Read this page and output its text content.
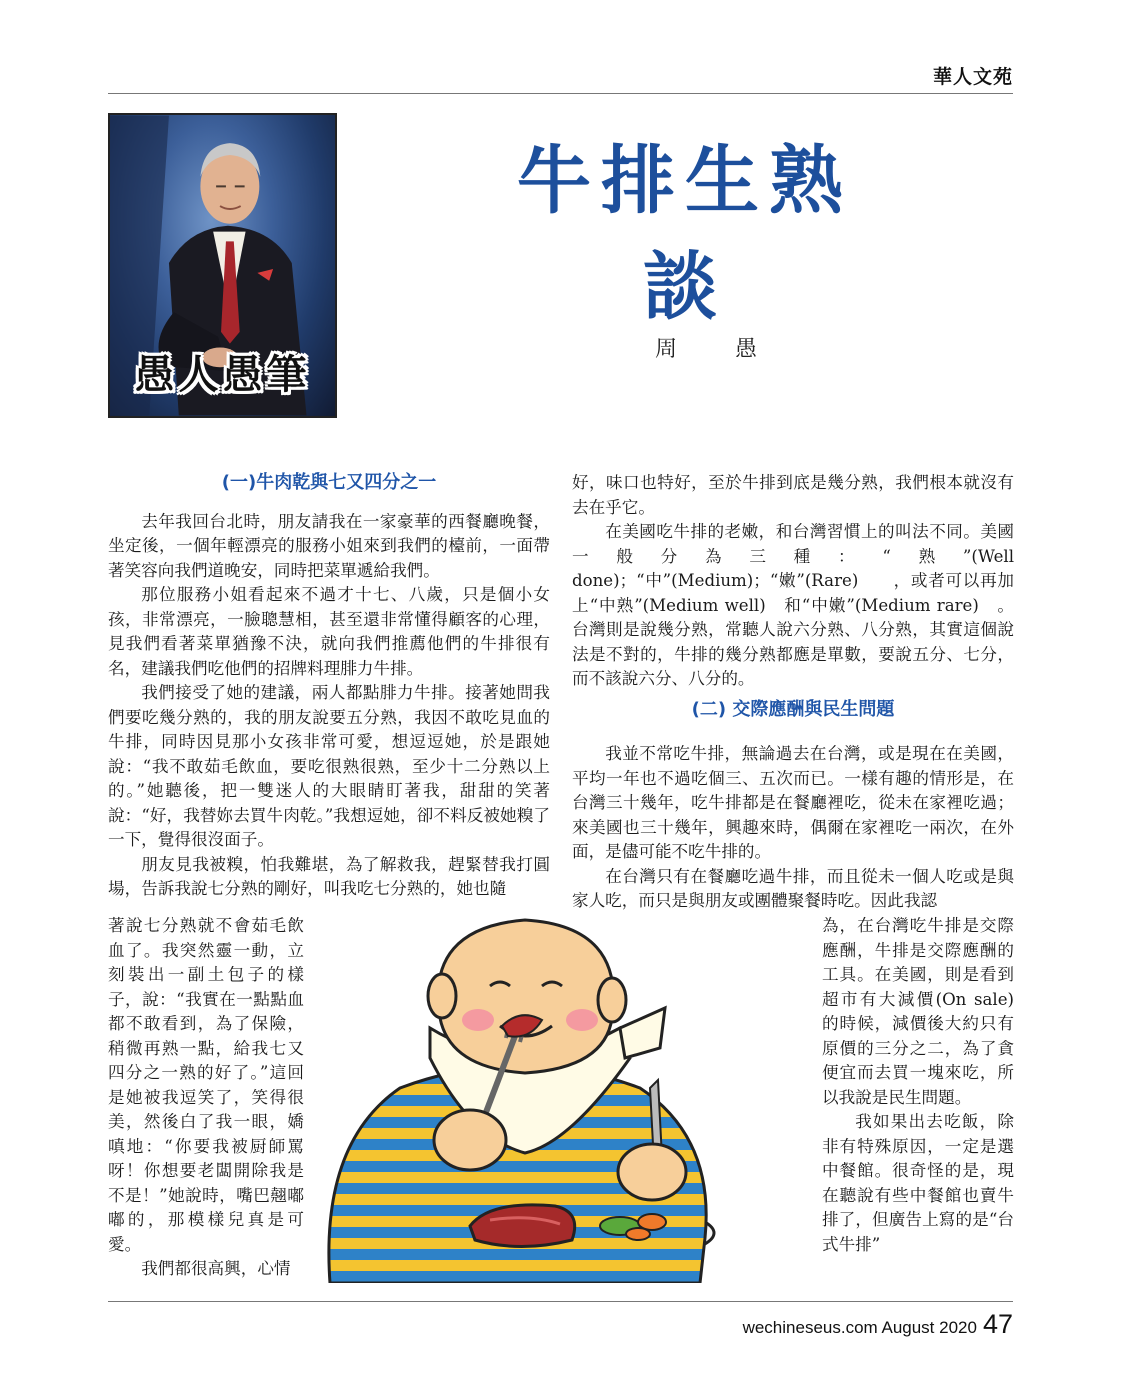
華人文苑
愚人愚筆
牛排生熟談
周　愚

(一)牛肉乾與七又四分之一

去年我回台北時，朋友請我在一家豪華的西餐廳晚餐，坐定後，一個年輕漂亮的服務小姐來到我們的檯前，一面帶著笑容向我們道晚安，同時把菜單遞給我們。

那位服務小姐看起來不過才十七、八歲，只是個小女孩，非常漂亮，一臉聰慧相，甚至還非常懂得顧客的心理，見我們看著菜單猶豫不決，就向我們推薦他們的牛排很有名，建議我們吃他們的招牌料理腓力牛排。

我們接受了她的建議，兩人都點腓力牛排。接著她問我們要吃幾分熟的，我的朋友說要五分熟，我因不敢吃見血的牛排，同時因見那小女孩非常可愛，想逗逗她，於是跟她說：“我不敢茹毛飲血，要吃很熟很熟，至少十二分熟以上的。”她聽後，把一雙迷人的大眼睛盯著我，甜甜的笑著說：“好，我替妳去買牛肉乾。”我想逗她，卻不料反被她糗了一下，覺得很沒面子。

朋友見我被糗，怕我難堪，為了解救我，趕緊替我打圓場，告訴我說七分熟的剛好，叫我吃七分熟的，她也隨

好，味口也特好，至於牛排到底是幾分熟，我們根本就沒有去在乎它。

在美國吃牛排的老嫩，和台灣習慣上的叫法不同。美國一般分為三種：“熟”(Well done)；“中”(Medium)；“嫩”(Rare)　　，或者可以再加上“中熟”(Medium well)　和“中嫩”(Medium rare)　。台灣則是說幾分熟，常聽人說六分熟、八分熟，其實這個說法是不對的，牛排的幾分熟都應是單數，要說五分、七分，而不該說六分、八分的。

(二) 交際應酬與民生問題

我並不常吃牛排，無論過去在台灣，或是現在在美國，平均一年也不過吃個三、五次而已。一樣有趣的情形是，在台灣三十幾年，吃牛排都是在餐廳裡吃，從未在家裡吃過；來美國也三十幾年，興趣來時，偶爾在家裡吃一兩次，在外面，是儘可能不吃牛排的。

在台灣只有在餐廳吃過牛排，而且從未一個人吃或是與家人吃，而只是與朋友或團體聚餐時吃。因此我認

著說七分熟就不會茹毛飲血了。我突然靈一動，立刻裝出一副土包子的樣子，說：“我實在一點點血都不敢看到，為了保險，稍微再熟一點，給我七又四分之一熟的好了。”這回是她被我逗笑了，笑得很美，然後白了我一眼，嬌嗔地：“你要我被厨師罵呀！你想要老闆開除我是不是！”她說時，嘴巴翹嘟嘟的，那模樣兒真是可愛。

我們都很高興，心情

為，在台灣吃牛排是交際應酬，牛排是交際應酬的工具。在美國，則是看到超市有大減價(On sale)的時候，減價後大約只有原價的三分之二，為了貪便宜而去買一塊來吃，所以我說是民生問題。

我如果出去吃飯，除非有特殊原因，一定是選中餐館。很奇怪的是，現在聽說有些中餐館也賣牛排了，但廣告上寫的是“台式牛排”

wechineseus.com August 2020 47
